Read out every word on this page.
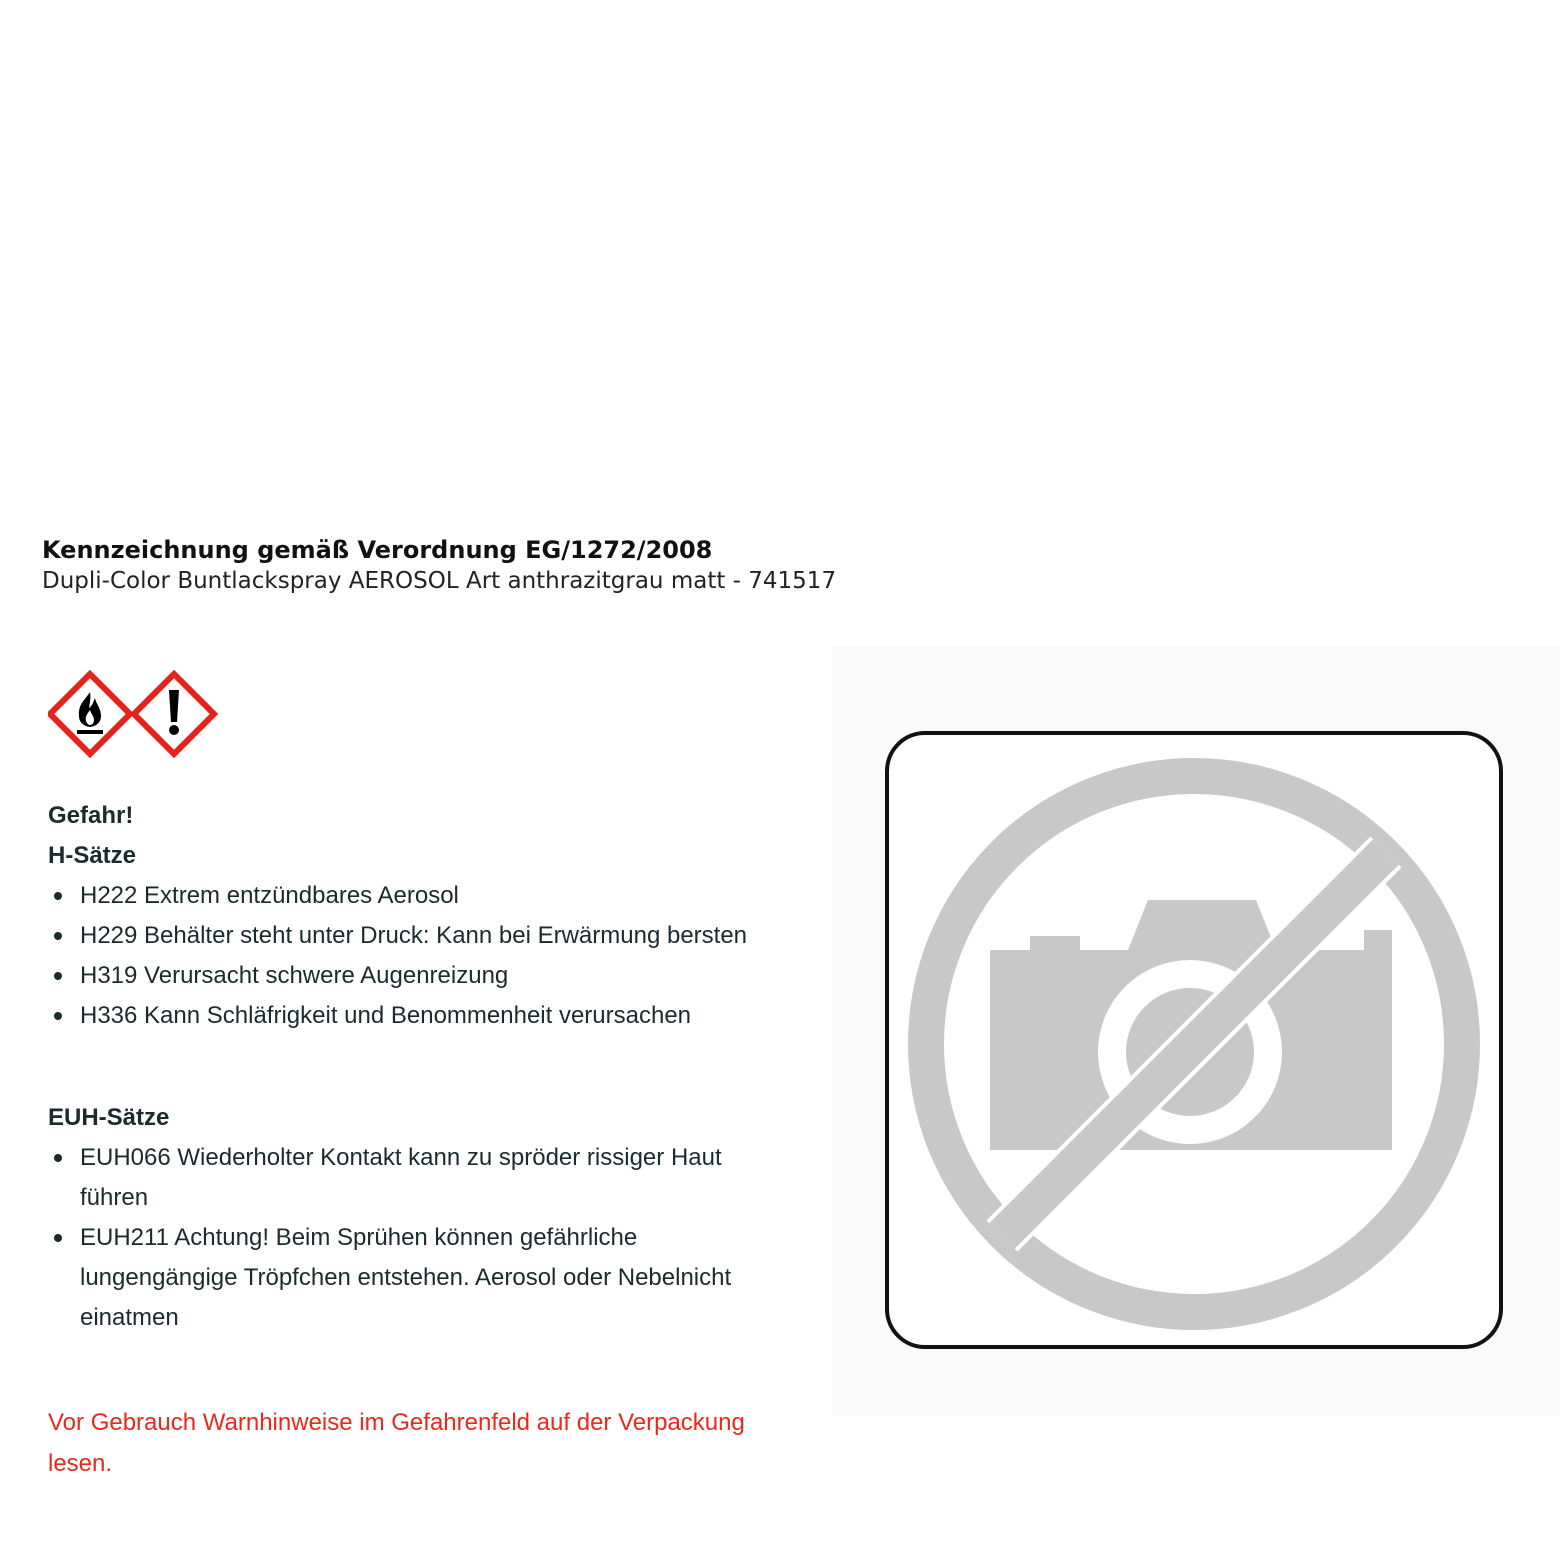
Kennzeichnung gemäß Verordnung EG/1272/2008
Dupli-Color Buntlackspray AEROSOL Art anthrazitgrau matt - 741517
Gefahr!
H-Sätze
H222 Extrem entzündbares Aerosol
H229 Behälter steht unter Druck: Kann bei Erwärmung bersten
H319 Verursacht schwere Augenreizung
H336 Kann Schläfrigkeit und Benommenheit verursachen
EUH-Sätze
EUH066 Wiederholter Kontakt kann zu spröder rissiger Haut führen
EUH211 Achtung! Beim Sprühen können gefährliche lungengängige Tröpfchen entstehen. Aerosol oder Nebelnicht einatmen
Vor Gebrauch Warnhinweise im Gefahrenfeld auf der Verpackung lesen.
